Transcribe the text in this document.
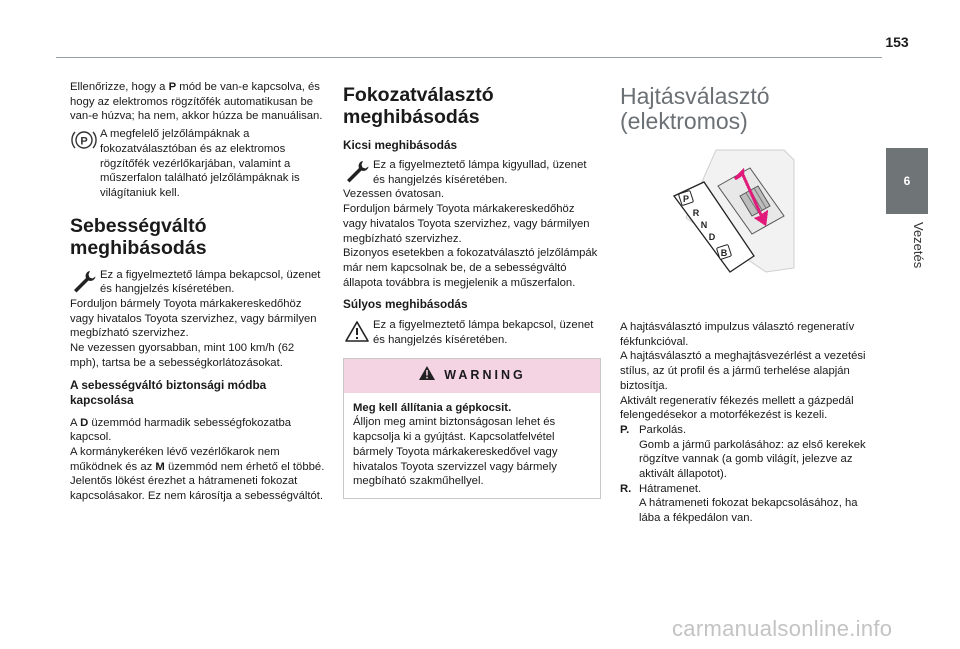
153
6
Vezetés

Ellenőrizze, hogy a P mód be van-e kapcsolva, és hogy az elektromos rögzítőfék automatikusan be van-e húzva; ha nem, akkor húzza be manuálisan.

P

A megfelelő jelzőlámpáknak a fokozatválasztóban és az elektromos rögzítőfék vezérlőkarjában, valamint a műszerfalon található jelzőlámpáknak is világítaniuk kell.

Sebességváltó meghibásodás

Ez a figyelmeztető lámpa bekapcsol, üzenet és hangjelzés kíséretében.

Forduljon bármely Toyota márkakereskedőhöz vagy hivatalos Toyota szervizhez, vagy bármilyen megbízható szervizhez.

Ne vezessen gyorsabban, mint 100 km/h (62 mph), tartsa be a sebességkorlátozásokat.

A sebességváltó biztonsági módba kapcsolása

A D üzemmód harmadik sebességfokozatba kapcsol.

A kormánykeréken lévő vezérlőkarok nem működnek és az M üzemmód nem érhető el többé.

Jelentős lökést érezhet a hátrameneti fokozat kapcsolásakor. Ez nem károsítja a sebességváltót.

Fokozatválasztó meghibásodás
Kicsi meghibásodás

Ez a figyelmeztető lámpa kigyullad, üzenet és hangjelzés kíséretében.

Vezessen óvatosan.

Forduljon bármely Toyota márkakereskedőhöz vagy hivatalos Toyota szervizhez, vagy bármilyen megbízható szervizhez.

Bizonyos esetekben a fokozatválasztó jelzőlámpák már nem kapcsolnak be, de a sebességváltó állapota továbbra is megjelenik a műszerfalon.

Súlyos meghibásodás

Ez a figyelmeztető lámpa bekapcsol, üzenet és hangjelzés kíséretében.

WARNING

Meg kell állítania a gépkocsit.

Álljon meg amint biztonságosan lehet és kapcsolja ki a gyújtást. Kapcsolatfelvétel bármely Toyota márkakereskedővel vagy hivatalos Toyota szervizzel vagy bármely megbíható szakműhellyel.

Hajtásválasztó (elektromos)
P
R
N
D
B

A hajtásválasztó impulzus választó regeneratív fékfunkcióval.

A hajtásválasztó a meghajtásvezérlést a vezetési stílus, az út profil és a jármű terhelése alapján biztosítja.

Aktivált regeneratív fékezés mellett a gázpedál felengedésekor a motorfékezést is kezeli.

P. Parkolás.

Gomb a jármű parkolásához: az első kerekek rögzítve vannak (a gomb világít, jelezve az aktivált állapotot).

R. Hátramenet.

A hátrameneti fokozat bekapcsolásához, ha lába a fékpedálon van.

carmanualsonline.info
